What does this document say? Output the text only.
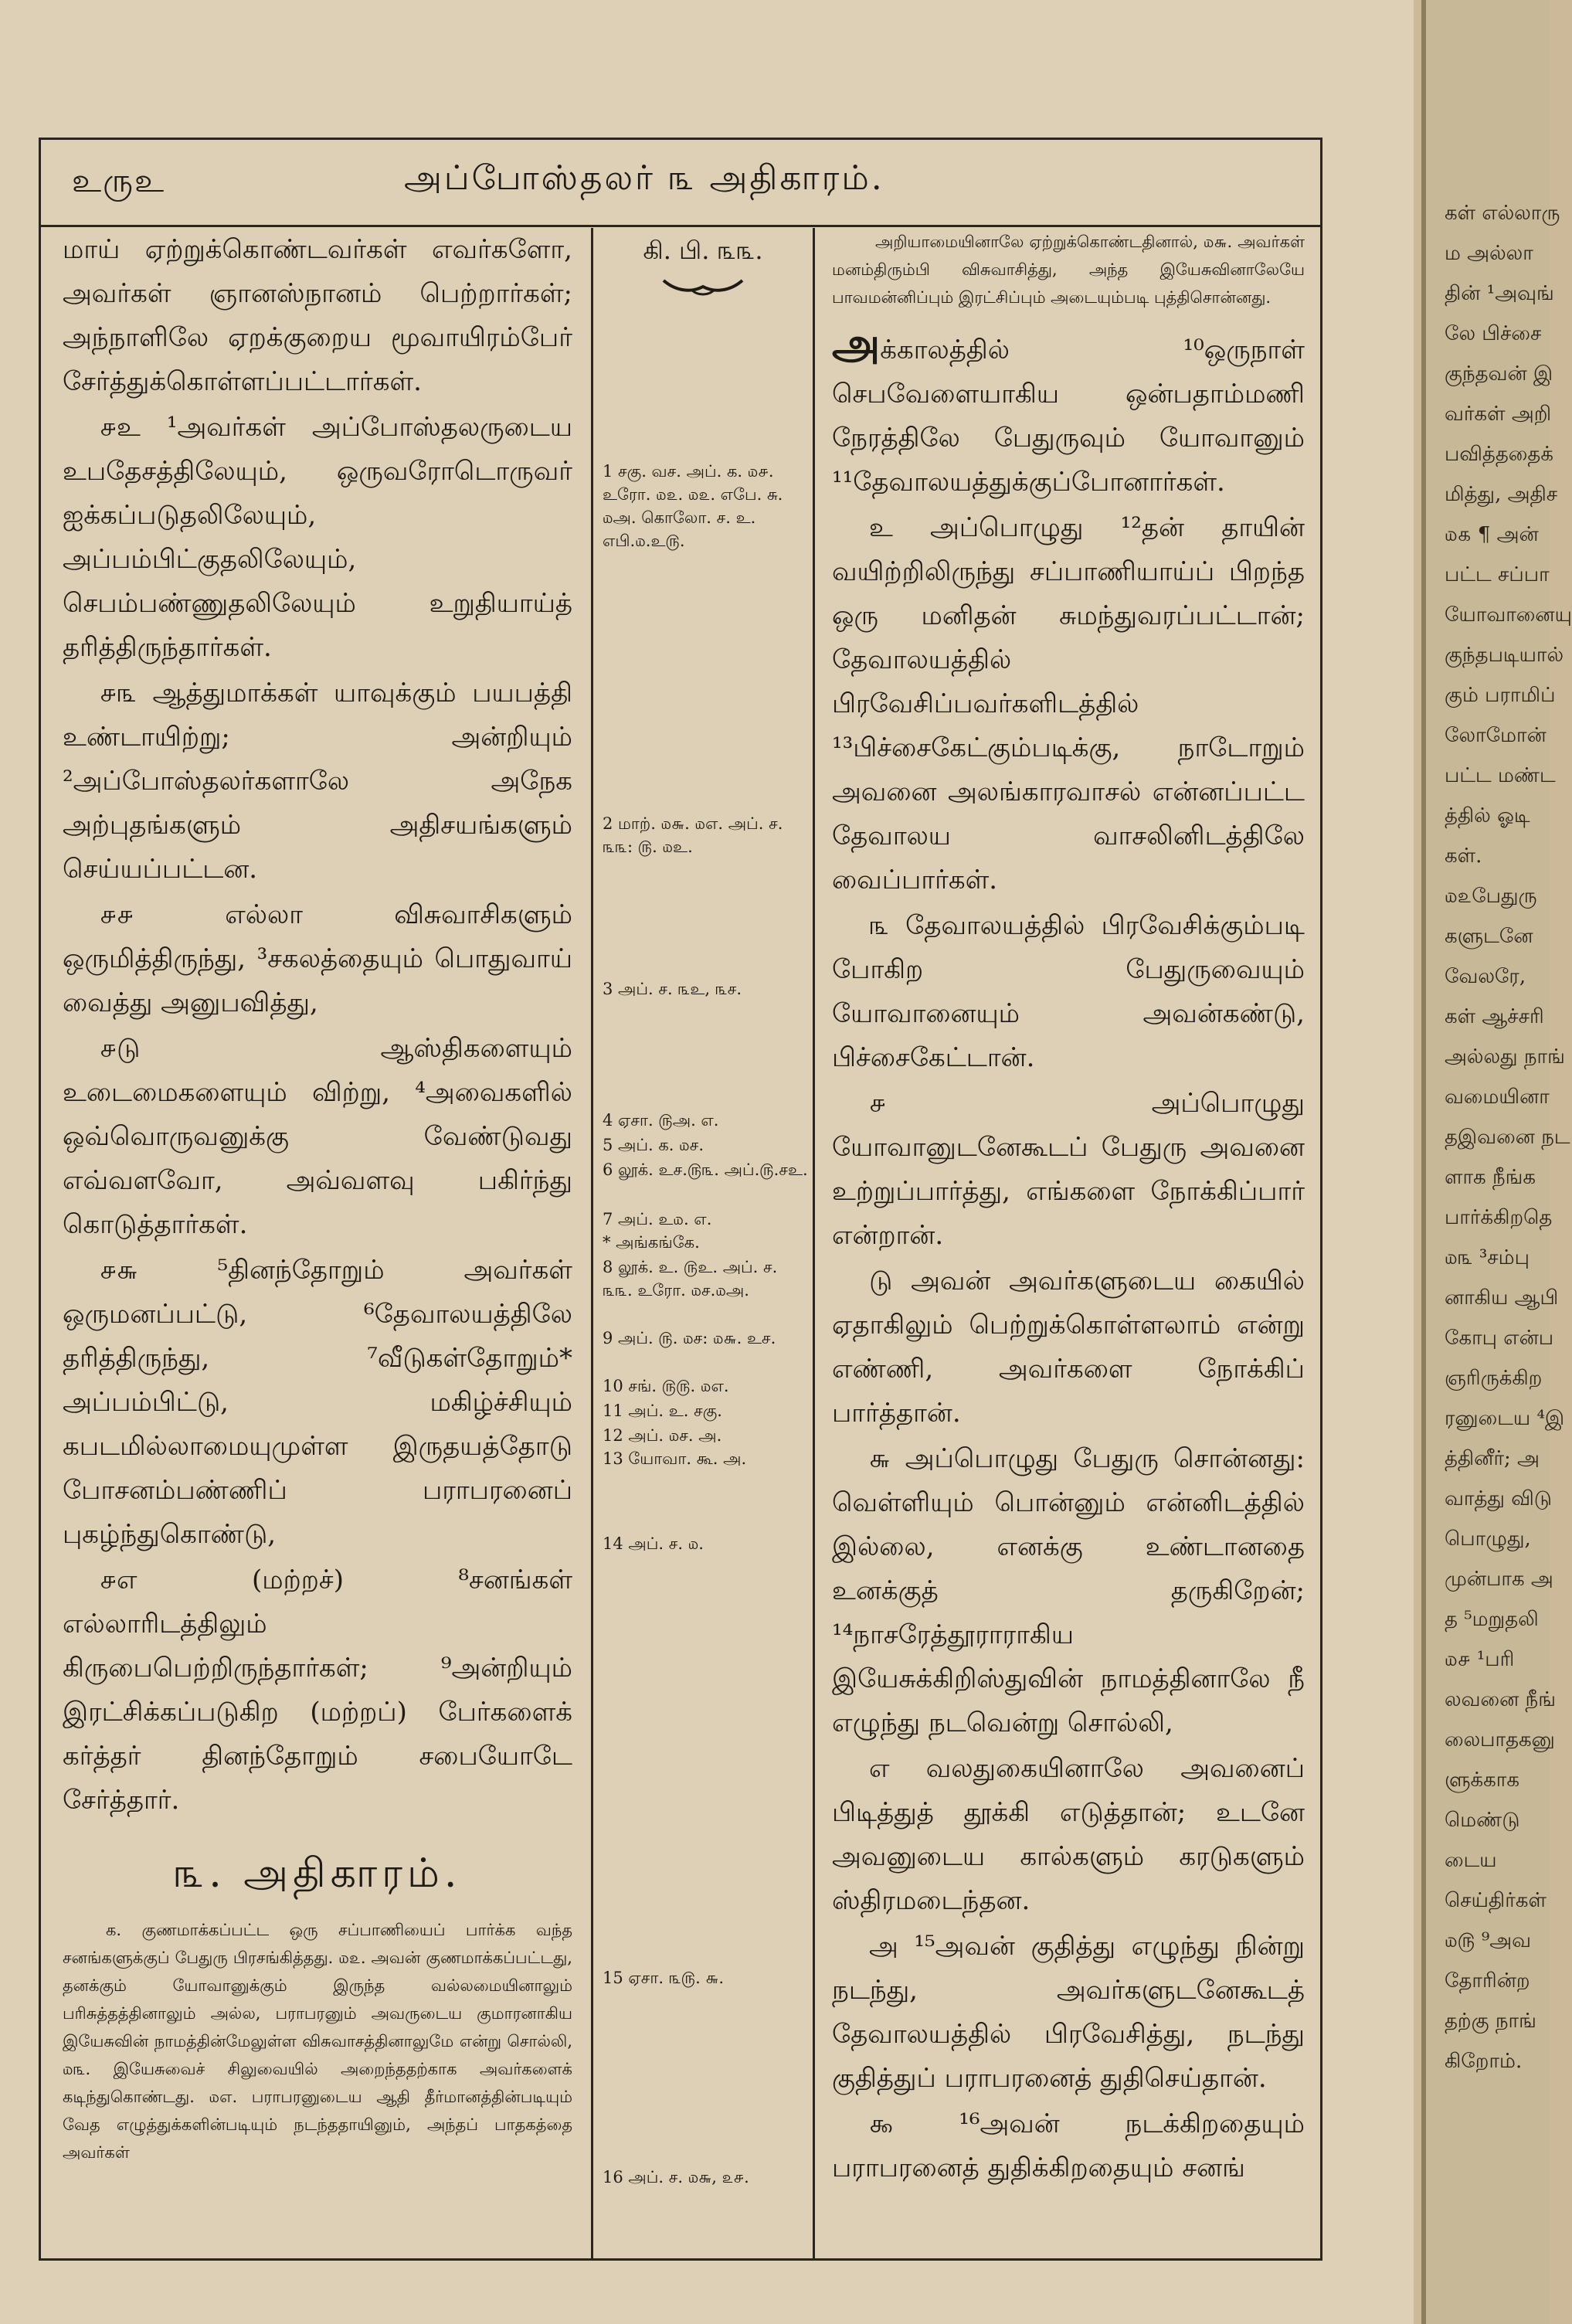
உருஉ	அப்போஸ்தலர் ௩ அதிகாரம்.

மாய் ஏற்றுக்கொண்டவர்கள் எவர்களோ, அவர்கள் ஞானஸ்நானம் பெற்றார்கள்; அந்நாளிலே ஏறக்குறைய மூவாயிரம்பேர் சேர்த்துக்கொள்ளப்பட்டார்கள்.

௪உ ¹அவர்கள் அப்போஸ்தலருடைய உபதேசத்திலேயும், ஒருவரோடொருவர் ஐக்கப்படுதலிலேயும், அப்பம்பிட்குதலிலேயும், செபம்பண்ணுதலிலேயும் உறுதியாய்த் தரித்திருந்தார்கள்.

௪௩ ஆத்துமாக்கள் யாவுக்கும் பயபத்தி உண்டாயிற்று; அன்றியும் ²அப்போஸ்தலர்களாலே அநேக அற்புதங்களும் அதிசயங்களும் செய்யப்பட்டன.

௪௪ எல்லா விசுவாசிகளும் ஒருமித்திருந்து, ³சகலத்தையும் பொதுவாய் வைத்து அனுபவித்து,

௪டு ஆஸ்திகளையும் உடைமைகளையும் விற்று, ⁴அவைகளில் ஒவ்வொருவனுக்கு வேண்டுவது எவ்வளவோ, அவ்வளவு பகிர்ந்து கொடுத்தார்கள்.

௪௬ ⁵தினந்தோறும் அவர்கள் ஒருமனப்பட்டு, ⁶தேவாலயத்திலே தரித்திருந்து, ⁷வீடுகள்தோறும்* அப்பம்பிட்டு, மகிழ்ச்சியும் கபடமில்லாமையுமுள்ள இருதயத்தோடு போசனம்பண்ணிப் பராபரனைப் புகழ்ந்துகொண்டு,

௪எ (மற்றச்) ⁸சனங்கள் எல்லாரிடத்திலும் கிருபைபெற்றிருந்தார்கள்; ⁹அன்றியும் இரட்சிக்கப்படுகிற (மற்றப்) பேர்களைக் கர்த்தர் தினந்தோறும் சபையோடே சேர்த்தார்.

௩. அதிகாரம்.

க. குணமாக்கப்பட்ட ஒரு சப்பாணியைப் பார்க்க வந்த சனங்களுக்குப் பேதுரு பிரசங்கித்தது. ௰௨. அவன் குணமாக்கப்பட்டது, தனக்கும் யோவானுக்கும் இருந்த வல்லமையினாலும் பரிசுத்தத்தினாலும் அல்ல, பராபரனும் அவருடைய குமாரனாகிய இயேசுவின் நாமத்தின்மேலுள்ள விசுவாசத்தினாலுமே என்று சொல்லி, ௰௩. இயேசுவைச் சிலுவையில் அறைந்ததற்காக அவர்களைக் கடிந்துகொண்டது. ௰எ. பராபரனுடைய ஆதி தீர்மானத்தின்படியும் வேத எழுத்துக்களின்படியும் நடந்ததாயினும், அந்தப் பாதகத்தை அவர்கள்

கி. பி. ௩௩.
1 சகு. வச. அப். க. ௰௪. உரோ. ௰௨. ௰௨. எபே. சு. ௰அ. கொலோ. ச. உ. எபி.௰.உ௫.
2 மாற். ௰௬. ௰எ. அப். ச. ௩௩: ௫. ௰உ.
3 அப். ச. ௩உ, ௩ச.
4 ஏசா. ௫அ. எ.
5 அப். க. ௰ச.
6 லூக். உச.௫௩. அப்.௫.சஉ.
7 அப். உ௰. எ.
* அங்கங்கே.
8 லூக். உ. ௫உ. அப். ச. ௩௩. உரோ. ௰ச.௰அ.
9 அப். ௫. ௰ச: ௰௬. உச.
10 சங். ௫௫. ௰எ.
11 அப். உ. சகு.
12 அப். ௰ச. அ.
13 யோவா. கூ. அ.
14 அப். ச. ௰.
15 ஏசா. ௩௫. ௬.
16 அப். ச. ௰௬, ௨௪.

அறியாமையினாலே ஏற்றுக்கொண்டதினால், ௰௬. அவர்கள் மனம்திரும்பி விசுவாசித்து, அந்த இயேசுவினாலேயே பாவமன்னிப்பும் இரட்சிப்பும் அடையும்படி புத்திசொன்னது.

அக்காலத்தில் ¹⁰ஒருநாள் செபவேளையாகிய ஒன்பதாம்மணி நேரத்திலே பேதுருவும் யோவானும் ¹¹தேவாலயத்துக்குப்போனார்கள்.

உ அப்பொழுது ¹²தன் தாயின் வயிற்றிலிருந்து சப்பாணியாய்ப் பிறந்த ஒரு மனிதன் சுமந்துவரப்பட்டான்; தேவாலயத்தில் பிரவேசிப்பவர்களிடத்தில் ¹³பிச்சைகேட்கும்படிக்கு, நாடோறும் அவனை அலங்காரவாசல் என்னப்பட்ட தேவாலய வாசலினிடத்திலே வைப்பார்கள்.

௩ தேவாலயத்தில் பிரவேசிக்கும்படி போகிற பேதுருவையும் யோவானையும் அவன்கண்டு, பிச்சைகேட்டான்.

௪ அப்பொழுது யோவானுடனேகூடப் பேதுரு அவனை உற்றுப்பார்த்து, எங்களை நோக்கிப்பார் என்றான்.

டு அவன் அவர்களுடைய கையில் ஏதாகிலும் பெற்றுக்கொள்ளலாம் என்று எண்ணி, அவர்களை நோக்கிப் பார்த்தான்.

௬ அப்பொழுது பேதுரு சொன்னது: வெள்ளியும் பொன்னும் என்னிடத்தில் இல்லை, எனக்கு உண்டானதை உனக்குத் தருகிறேன்; ¹⁴நாசரேத்தூராராகிய இயேசுக்கிறிஸ்துவின் நாமத்தினாலே நீ எழுந்து நடவென்று சொல்லி,

எ வலதுகையினாலே அவனைப் பிடித்துத் தூக்கி எடுத்தான்; உடனே அவனுடைய கால்களும் கரடுகளும் ஸ்திரமடைந்தன.

அ ¹⁵அவன் குதித்து எழுந்து நின்று நடந்து, அவர்களுடனேகூடத் தேவாலயத்தில் பிரவேசித்து, நடந்து குதித்துப் பராபரனைத் துதிசெய்தான்.

௯ ¹⁶அவன் நடக்கிறதையும் பராபரனைத் துதிக்கிறதையும் சனங்

கள் எல்லாரு
ம அல்லா
தின் ¹அவுங்
லே பிச்சை
குந்தவன் இ
வர்கள் அறி
பவித்ததைக்
மித்து, அதிச
௰௧ ¶ அன்
பட்ட சப்பா
யோவானையு
குந்தபடியால்
கும் பராமிப்
லோமோன்
பட்ட மண்ட
த்தில் ஓடி
கள்.
௰௨பேதுரு
களுடனே
வேலரே,
கள் ஆச்சரி
அல்லது நாங்
வமையினா
தஇவனை நட
ளாக நீங்க
பார்க்கிறதெ
௰௩ ³சம்பு
னாகிய ஆபி
கோபு என்ப
ஞரிருக்கிற
ரனுடைய ⁴இ
த்தினீர்; அ
வாத்து விடு
பொழுது,
முன்பாக அ
த ⁵மறுதலி
௰௪ ¹பரி
லவனை நீங்
லைபாதகனு
ளுக்காக
மெண்டு
டைய
செய்திர்கள்
௰௫ ⁹அவ
தோரின்ற
தற்கு நாங்
கிறோம்.
